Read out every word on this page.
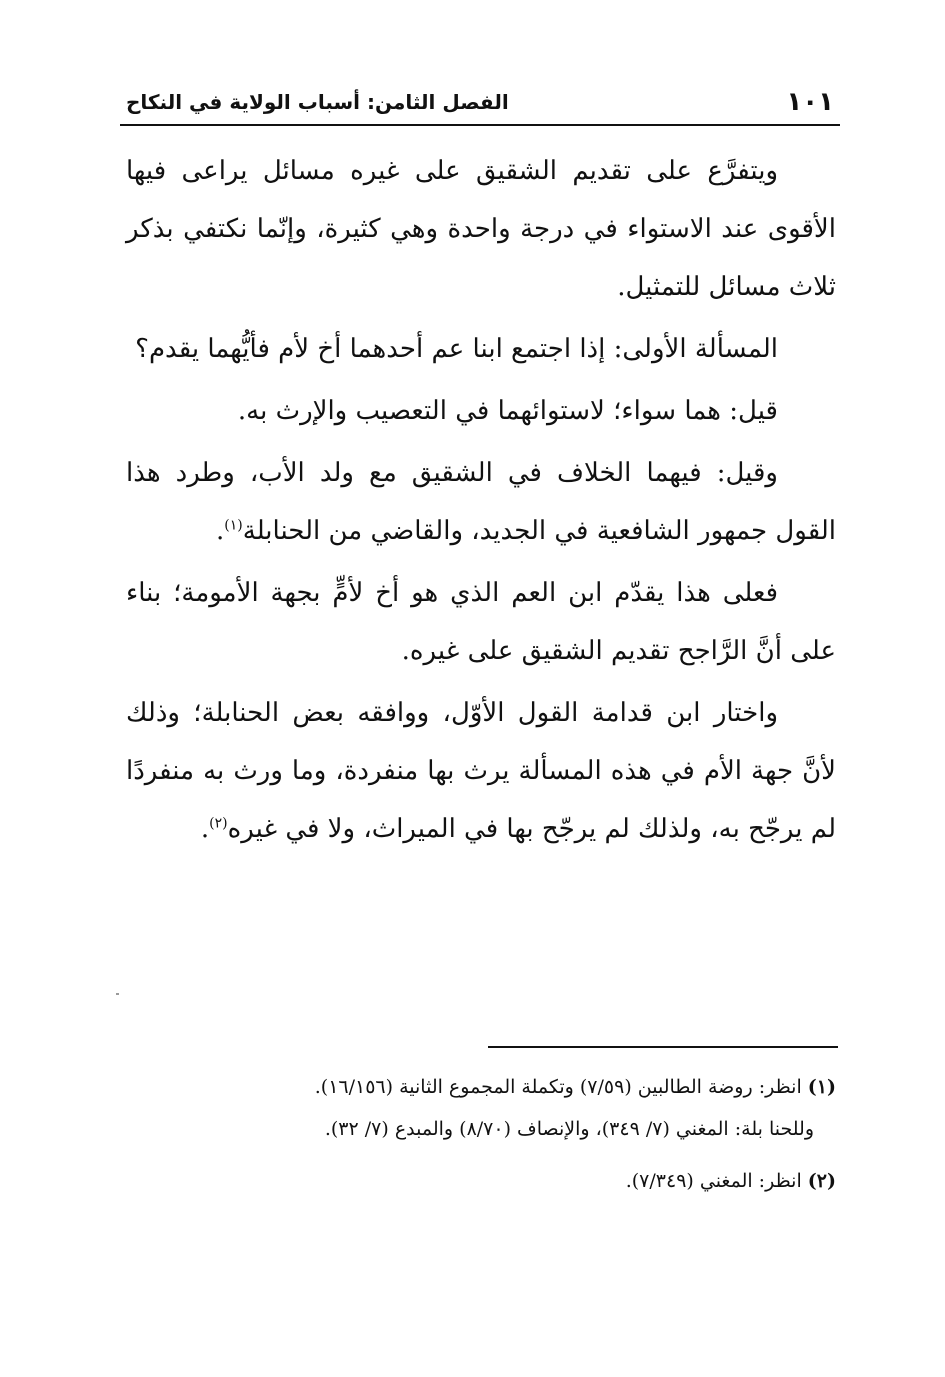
١٠١
الفصل الثامن: أسباب الولاية في النكاح

ويتفرَّع على تقديم الشقيق على غيره مسائل يراعى فيها الأقوى عند الاستواء في درجة واحدة وهي كثيرة، وإنّما نكتفي بذكر ثلاث مسائل للتمثيل.

المسألة الأولى: إذا اجتمع ابنا عم أحدهما أخ لأم فأيُّهما يقدم؟

قيل: هما سواء؛ لاستوائهما في التعصيب والإرث به.

وقيل: فيهما الخلاف في الشقيق مع ولد الأب، وطرد هذا القول جمهور الشافعية في الجديد، والقاضي من الحنابلة$^{(١)}$.

فعلى هذا يقدّم ابن العم الذي هو أخ لأمٍّ بجهة الأمومة؛ بناء على أنَّ الرَّاجح تقديم الشقيق على غيره.

واختار ابن قدامة القول الأوّل، ووافقه بعض الحنابلة؛ وذلك لأنَّ جهة الأم في هذه المسألة يرث بها منفردة، وما ورث به منفردًا لم يرجّح به، ولذلك لم يرجّح بها في الميراث، ولا في غيره$^{(٢)}$.

(١) انظر: روضة الطالبين (٧/٥٩) وتكملة المجموع الثانية (١٦/١٥٦).

وللحنا بلة: المغني (٧/ ٣٤٩)، والإنصاف (٨/٧٠) والمبدع (٧/ ٣٢).

(٢) انظر: المغني (٧/٣٤٩).
